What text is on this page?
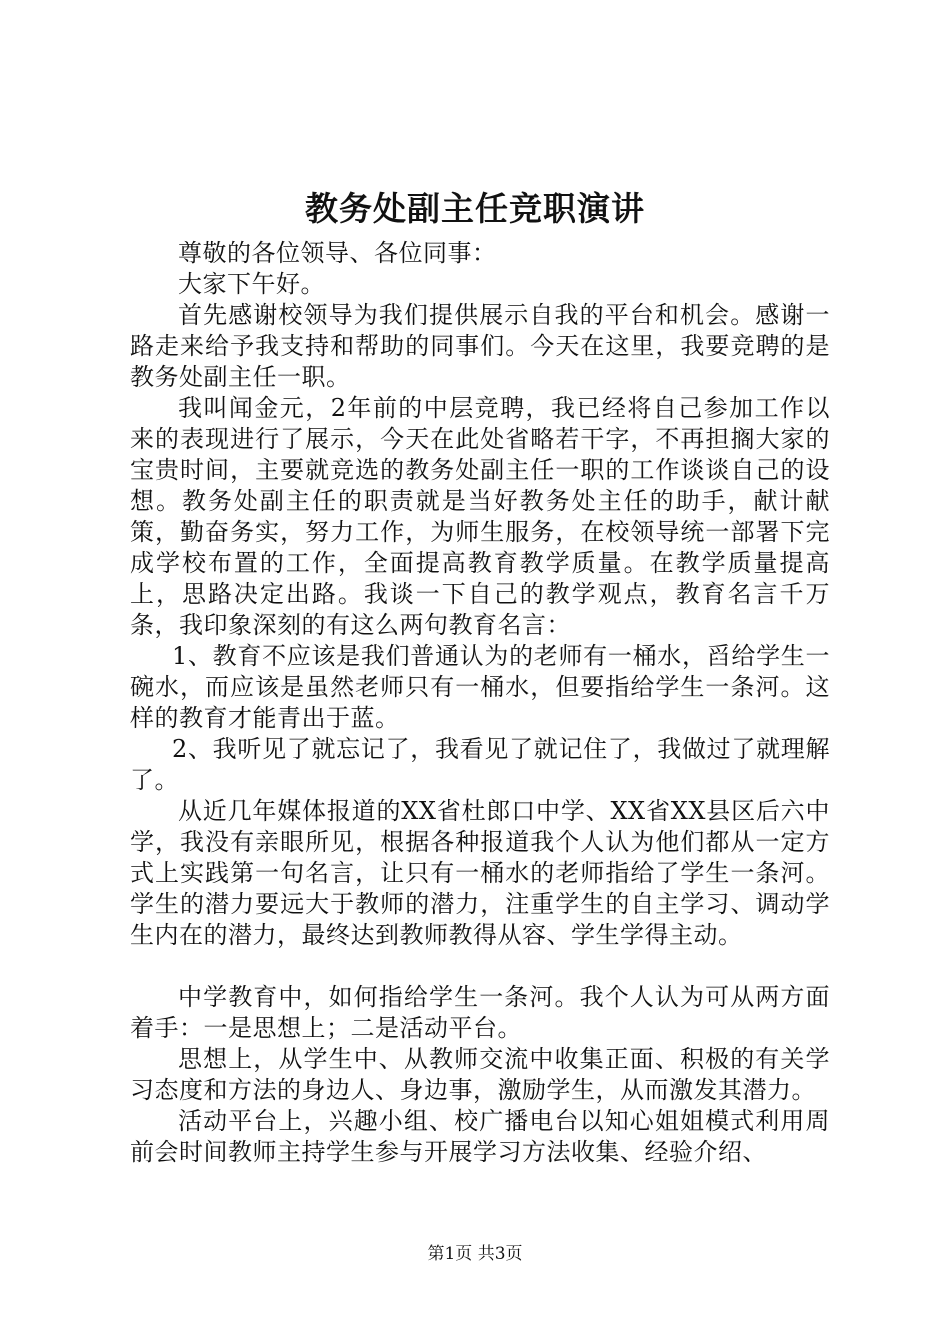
教务处副主任竞职演讲

尊敬的各位领导、各位同事：

大家下午好。

首先感谢校领导为我们提供展示自我的平台和机会。感谢一路走来给予我支持和帮助的同事们。今天在这里，我要竞聘的是教务处副主任一职。

我叫闻金元，2年前的中层竞聘，我已经将自己参加工作以来的表现进行了展示，今天在此处省略若干字，不再担搁大家的宝贵时间，主要就竞选的教务处副主任一职的工作谈谈自己的设想。教务处副主任的职责就是当好教务处主任的助手，献计献策，勤奋务实，努力工作，为师生服务，在校领导统一部署下完成学校布置的工作，全面提高教育教学质量。在教学质量提高上，思路决定出路。我谈一下自己的教学观点，教育名言千万条，我印象深刻的有这么两句教育名言：

1、教育不应该是我们普通认为的老师有一桶水，舀给学生一碗水，而应该是虽然老师只有一桶水，但要指给学生一条河。这样的教育才能青出于蓝。

2、我听见了就忘记了，我看见了就记住了，我做过了就理解了。

从近几年媒体报道的XX省杜郎口中学、XX省XX县区后六中学，我没有亲眼所见，根据各种报道我个人认为他们都从一定方式上实践第一句名言，让只有一桶水的老师指给了学生一条河。学生的潜力要远大于教师的潜力，注重学生的自主学习、调动学生内在的潜力，最终达到教师教得从容、学生学得主动。

中学教育中，如何指给学生一条河。我个人认为可从两方面着手：一是思想上；二是活动平台。

思想上，从学生中、从教师交流中收集正面、积极的有关学习态度和方法的身边人、身边事，激励学生，从而激发其潜力。

活动平台上，兴趣小组、校广播电台以知心姐姐模式利用周前会时间教师主持学生参与开展学习方法收集、经验介绍、

第1页 共3页
